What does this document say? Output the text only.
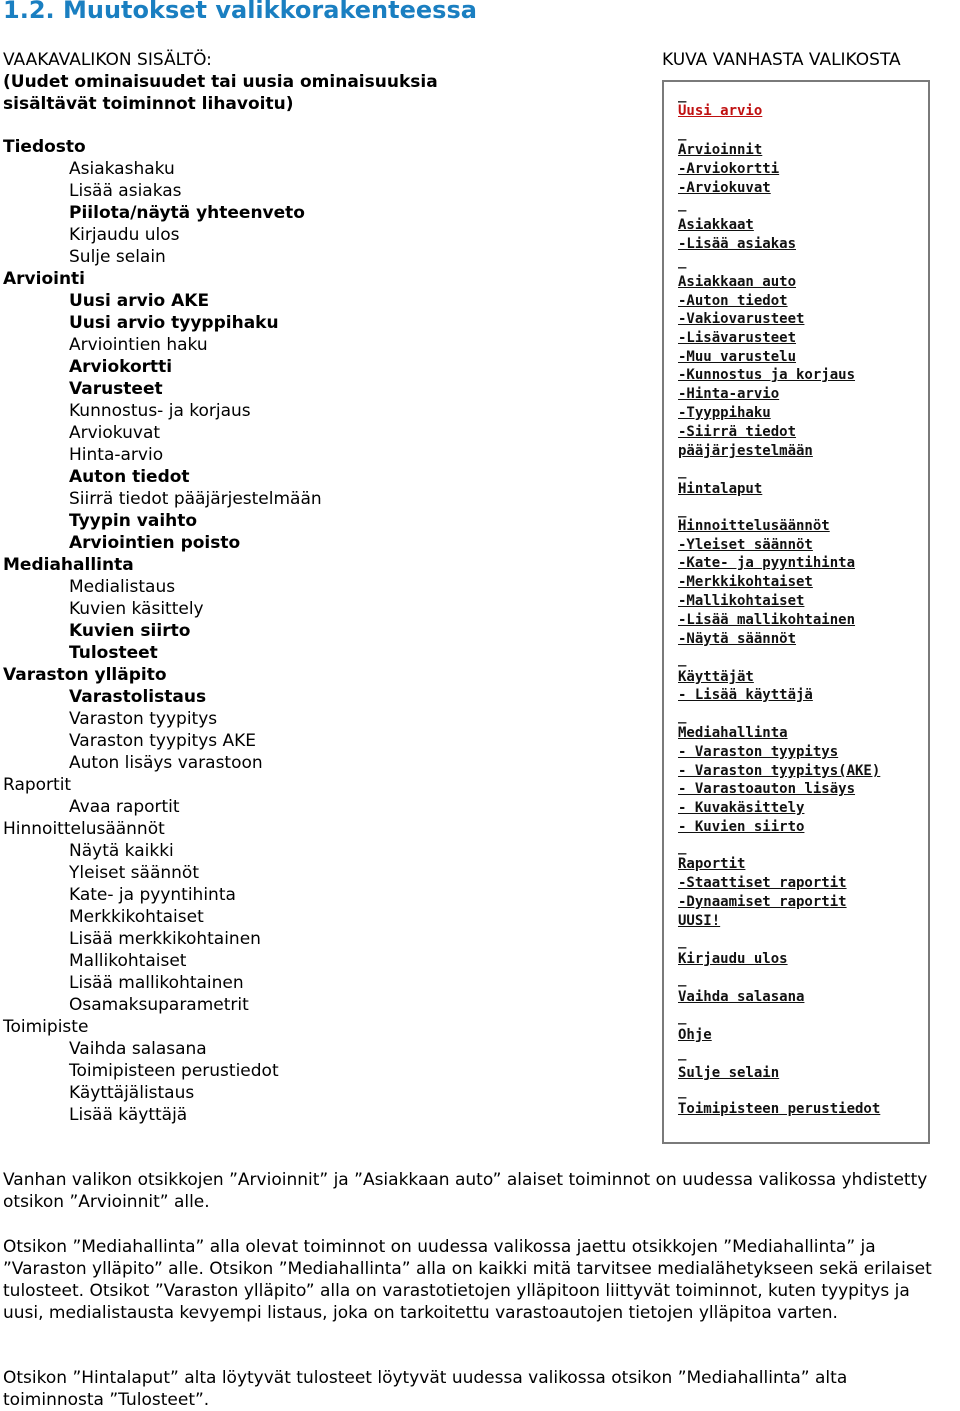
1.2. Muutokset valikkorakenteessa
VAAKAVALIKON SISÄLTÖ:
(Uudet ominaisuudet tai uusia ominaisuuksia sisältävät toiminnot lihavoitu)
Tiedosto
Asiakashaku
Lisää asiakas
Piilota/näytä yhteenveto
Kirjaudu ulos
Sulje selain
Arviointi
Uusi arvio AKE
Uusi arvio tyyppihaku
Arviointien haku
Arviokortti
Varusteet
Kunnostus- ja korjaus
Arviokuvat
Hinta-arvio
Auton tiedot
Siirrä tiedot pääjärjestelmään
Tyypin vaihto
Arviointien poisto
Mediahallinta
Medialistaus
Kuvien käsittely
Kuvien siirto
Tulosteet
Varaston ylläpito
Varastolistaus
Varaston tyypitys
Varaston tyypitys AKE
Auton lisäys varastoon
Raportit
Avaa raportit
Hinnoittelusäännöt
Näytä kaikki
Yleiset säännöt
Kate- ja pyyntihinta
Merkkikohtaiset
Lisää merkkikohtainen
Mallikohtaiset
Lisää mallikohtainen
Osamaksuparametrit
Toimipiste
Vaihda salasana
Toimipisteen perustiedot
Käyttäjälistaus
Lisää käyttäjä
KUVA VANHASTA VALIKOSTA
_
Uusi arvio
_
Arvioinnit
-Arviokortti
-Arviokuvat
_
Asiakkaat
-Lisää asiakas
_
Asiakkaan auto
-Auton tiedot
-Vakiovarusteet
-Lisävarusteet
-Muu varustelu
-Kunnostus ja korjaus
-Hinta-arvio
-Tyyppihaku
-Siirrä tiedot
pääjärjestelmään
_
Hintalaput
_
Hinnoittelusäännöt
-Yleiset säännöt
-Kate- ja pyyntihinta
-Merkkikohtaiset
-Mallikohtaiset
-Lisää mallikohtainen
-Näytä säännöt
_
Käyttäjät
- Lisää käyttäjä
_
Mediahallinta
- Varaston tyypitys
- Varaston tyypitys(AKE)
- Varastoauton lisäys
- Kuvakäsittely
- Kuvien siirto
_
Raportit
-Staattiset raportit
-Dynaamiset raportit
UUSI!
_
Kirjaudu ulos
_
Vaihda salasana
_
Ohje
_
Sulje selain
_
Toimipisteen perustiedot

Vanhan valikon otsikkojen ”Arvioinnit” ja ”Asiakkaan auto” alaiset toiminnot on uudessa valikossa yhdistetty otsikon ”Arvioinnit” alle.

Otsikon ”Mediahallinta” alla olevat toiminnot on uudessa valikossa jaettu otsikkojen ”Mediahallinta” ja ”Varaston ylläpito” alle. Otsikon ”Mediahallinta” alla on kaikki mitä tarvitsee medialähetykseen sekä erilaiset tulosteet. Otsikot ”Varaston ylläpito” alla on varastotietojen ylläpitoon liittyvät toiminnot, kuten tyypitys ja uusi, medialistausta kevyempi listaus, joka on tarkoitettu varastoautojen tietojen ylläpitoa varten.

Otsikon ”Hintalaput” alta löytyvät tulosteet löytyvät uudessa valikossa otsikon ”Mediahallinta” alta toiminnosta ”Tulosteet”.
